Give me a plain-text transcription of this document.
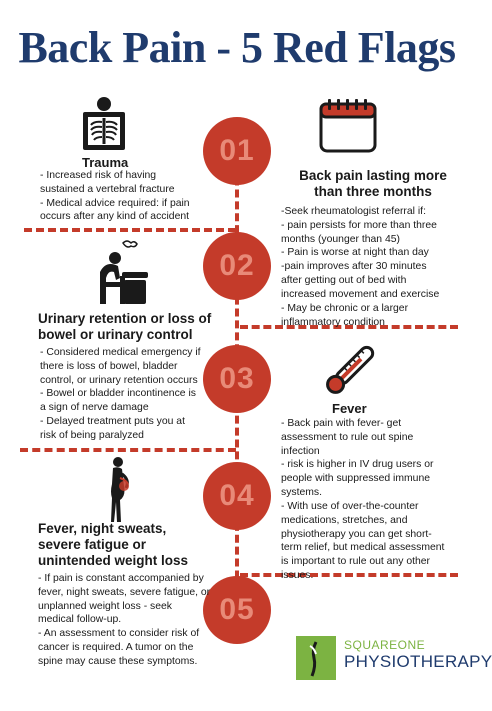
Back Pain - 5 Red Flags
01
02
03
04
05
Trauma

- Increased risk of having

sustained a vertebral fracture

- Medical advice required: if pain

occurs after any kind of accident

Back pain lasting more
than three months

-Seek rheumatologist referral if:

- pain persists for more than three

months (younger than 45)

- Pain is worse at night than day

-pain improves after 30 minutes

after getting out of bed with

increased movement and exercise

- May be chronic or a larger

inflammatory condition

Urinary retention or loss of
bowel or urinary control

- Considered medical emergency if

there is loss of bowel, bladder

control, or urinary retention occurs

- Bowel or bladder incontinence is

a sign of nerve damage

- Delayed treatment puts you at

risk of being paralyzed

Fever

- Back pain with fever- get

assessment to rule out spine

infection

- risk is higher in IV drug users or

people with suppressed immune

systems.

- With use of over-the-counter

medications, stretches, and

physiotherapy you can get short-

term relief, but medical assessment

is important to rule out any other

issues.

Fever, night sweats,
severe fatigue or
unintended weight loss

- If pain is constant accompanied by

fever, night sweats, severe fatigue, or

unplanned weight loss - seek

medical follow-up.

- An assessment to consider risk of

cancer is required. A tumor on the

spine may cause these symptoms.

SQUAREONE
PHYSIOTHERAPY
